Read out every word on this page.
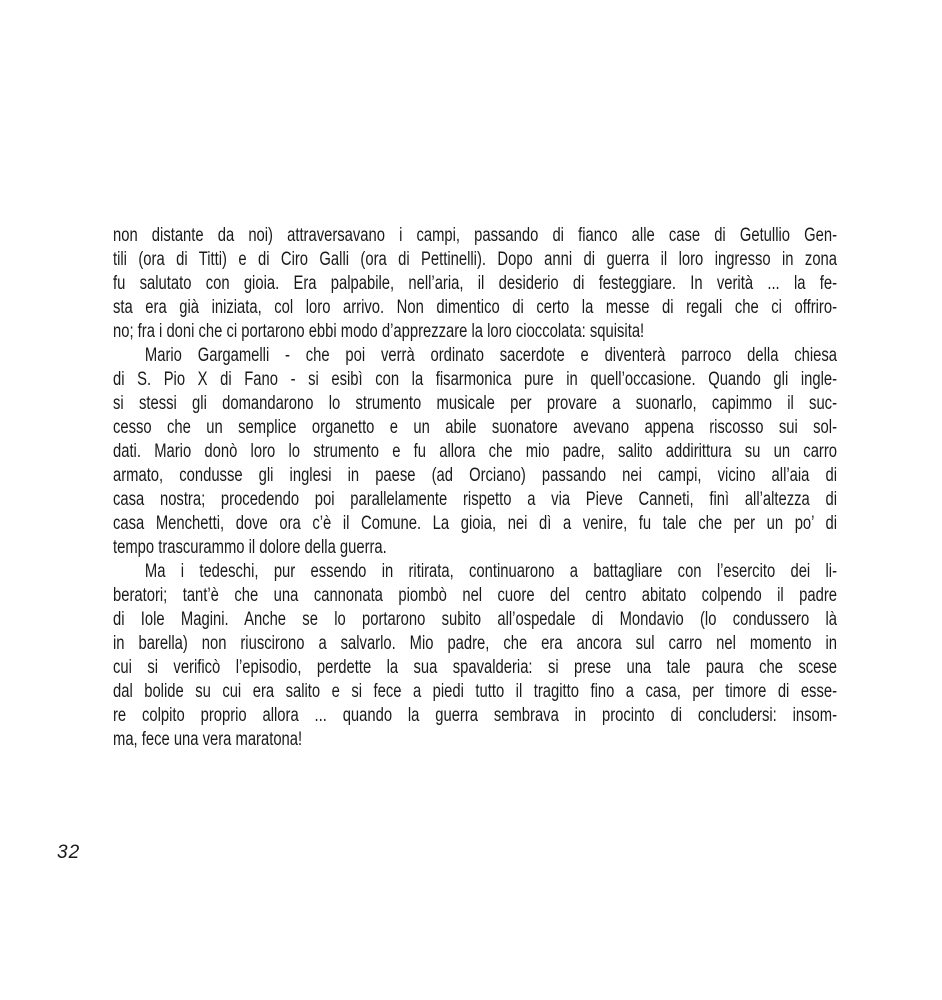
non distante da noi) attraversavano i campi, passando di fianco alle case di Getullio Gen-
tili (ora di Titti) e di Ciro Galli (ora di Pettinelli). Dopo anni di guerra il loro ingresso in zona
fu salutato con gioia. Era palpabile, nell’aria, il desiderio di festeggiare. In verità ... la fe-
sta era già iniziata, col loro arrivo. Non dimentico di certo la messe di regali che ci offriro-
no; fra i doni che ci portarono ebbi modo d’apprezzare la loro cioccolata: squisita!
Mario Gargamelli - che poi verrà ordinato sacerdote e diventerà parroco della chiesa
di S. Pio X di Fano - si esibì con la fisarmonica pure in quell’occasione. Quando gli ingle-
si stessi gli domandarono lo strumento musicale per provare a suonarlo, capimmo il suc-
cesso che un semplice organetto e un abile suonatore avevano appena riscosso sui sol-
dati. Mario donò loro lo strumento e fu allora che mio padre, salito addirittura su un carro
armato, condusse gli inglesi in paese (ad Orciano) passando nei campi, vicino all’aia di
casa nostra; procedendo poi parallelamente rispetto a via Pieve Canneti, finì all’altezza di
casa Menchetti, dove ora c’è il Comune. La gioia, nei dì a venire, fu tale che per un po’ di
tempo trascurammo il dolore della guerra.
Ma i tedeschi, pur essendo in ritirata, continuarono a battagliare con l’esercito dei li-
beratori; tant’è che una cannonata piombò nel cuore del centro abitato colpendo il padre
di Iole Magini. Anche se lo portarono subito all’ospedale di Mondavio (lo condussero là
in barella) non riuscirono a salvarlo. Mio padre, che era ancora sul carro nel momento in
cui si verificò l’episodio, perdette la sua spavalderia: si prese una tale paura che scese
dal bolide su cui era salito e si fece a piedi tutto il tragitto fino a casa, per timore di esse-
re colpito proprio allora ... quando la guerra sembrava in procinto di concludersi: insom-
ma, fece una vera maratona!
32
